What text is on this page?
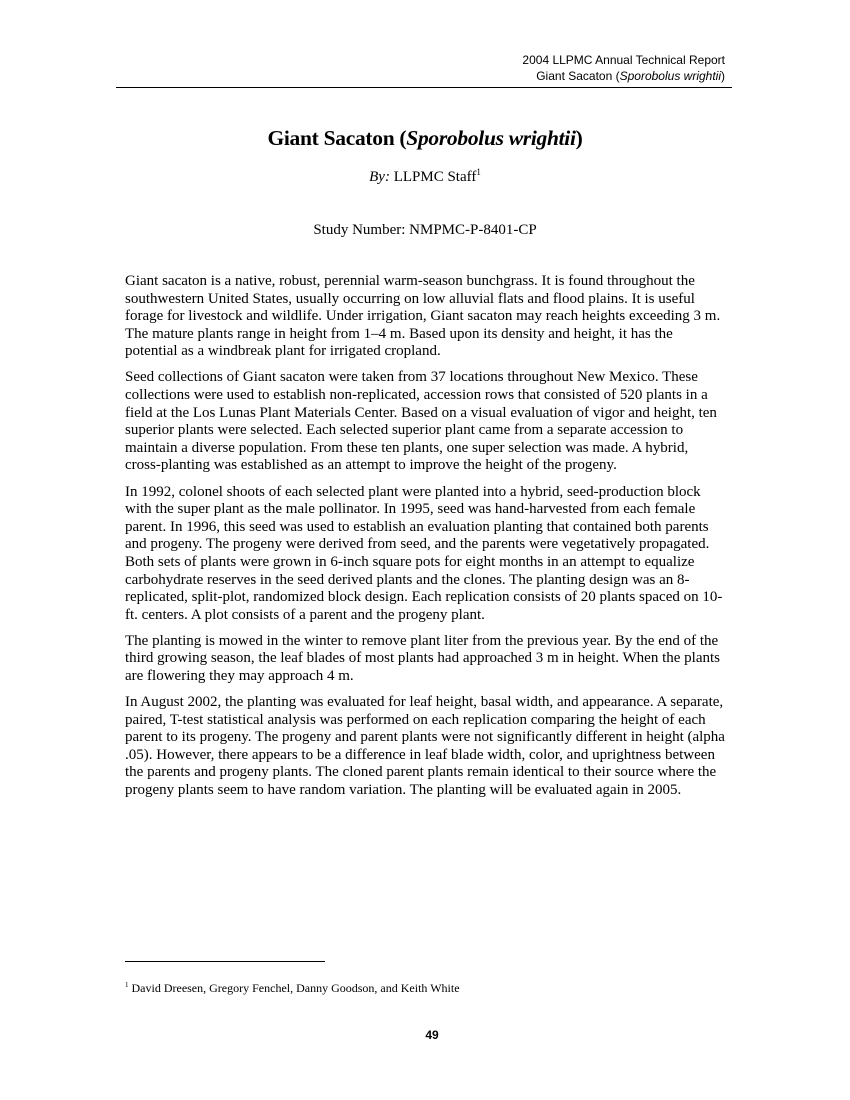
2004 LLPMC Annual Technical Report
Giant Sacaton (Sporobolus wrightii)
Giant Sacaton (Sporobolus wrightii)
By: LLPMC Staff$^1$
Study Number: NMPMC-P-8401-CP

Giant sacaton is a native, robust, perennial warm-season bunchgrass. It is found throughout the southwestern United States, usually occurring on low alluvial flats and flood plains. It is useful forage for livestock and wildlife. Under irrigation, Giant sacaton may reach heights exceeding 3 m. The mature plants range in height from 1–4 m. Based upon its density and height, it has the potential as a windbreak plant for irrigated cropland.

Seed collections of Giant sacaton were taken from 37 locations throughout New Mexico. These collections were used to establish non-replicated, accession rows that consisted of 520 plants in a field at the Los Lunas Plant Materials Center. Based on a visual evaluation of vigor and height, ten superior plants were selected. Each selected superior plant came from a separate accession to maintain a diverse population. From these ten plants, one super selection was made. A hybrid, cross-planting was established as an attempt to improve the height of the progeny.

In 1992, colonel shoots of each selected plant were planted into a hybrid, seed-production block with the super plant as the male pollinator. In 1995, seed was hand-harvested from each female parent. In 1996, this seed was used to establish an evaluation planting that contained both parents and progeny. The progeny were derived from seed, and the parents were vegetatively propagated. Both sets of plants were grown in 6-inch square pots for eight months in an attempt to equalize carbohydrate reserves in the seed derived plants and the clones. The planting design was an 8-replicated, split-plot, randomized block design. Each replication consists of 20 plants spaced on 10-ft. centers. A plot consists of a parent and the progeny plant.

The planting is mowed in the winter to remove plant liter from the previous year. By the end of the third growing season, the leaf blades of most plants had approached 3 m in height. When the plants are flowering they may approach 4 m.

In August 2002, the planting was evaluated for leaf height, basal width, and appearance. A separate, paired, T-test statistical analysis was performed on each replication comparing the height of each parent to its progeny. The progeny and parent plants were not significantly different in height (alpha .05). However, there appears to be a difference in leaf blade width, color, and uprightness between the parents and progeny plants. The cloned parent plants remain identical to their source where the progeny plants seem to have random variation. The planting will be evaluated again in 2005.

$^1$ David Dreesen, Gregory Fenchel, Danny Goodson, and Keith White
49
